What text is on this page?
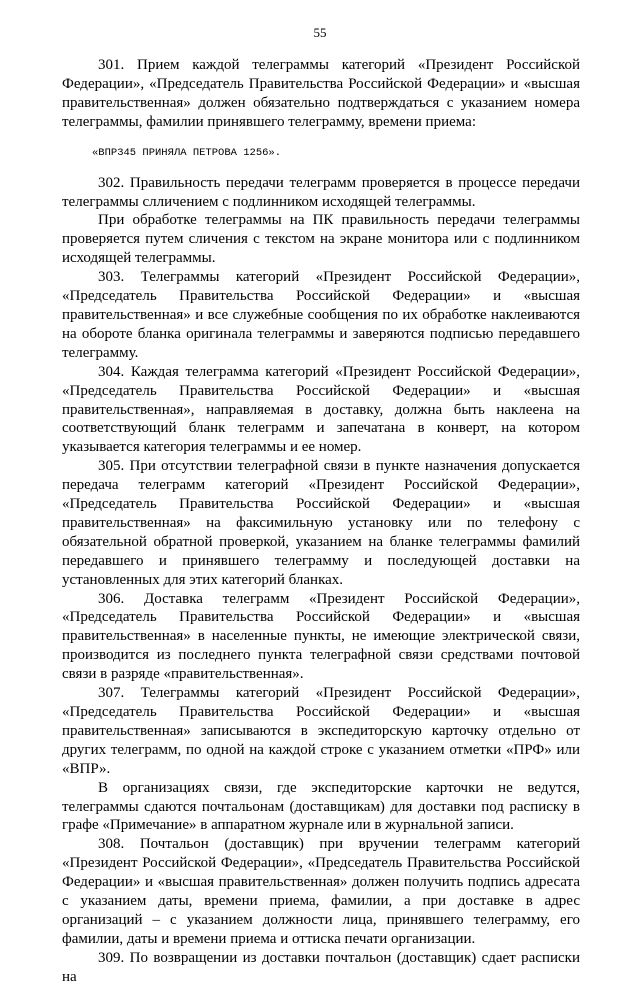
55

301. Прием каждой телеграммы категорий «Президент Российской Федерации», «Председатель Правительства Российской Федерации» и «высшая правительственная» должен обязательно подтверждаться с указанием номера телеграммы, фамилии принявшего телеграмму, времени приема:

«ВПР345 ПРИНЯЛА ПЕТРОВА 1256».

302. Правильность передачи телеграмм проверяется в процессе передачи телеграммы слличением с подлинником исходящей телеграммы.

При обработке телеграммы на ПК правильность передачи телеграммы проверяется путем сличения с текстом на экране монитора или с подлинником исходящей телеграммы.

303. Телеграммы категорий «Президент Российской Федерации», «Председатель Правительства Российской Федерации» и «высшая правительственная» и все служебные сообщения по их обработке наклеиваются на обороте бланка оригинала телеграммы и заверяются подписью передавшего телеграмму.

304. Каждая телеграмма категорий «Президент Российской Федерации», «Председатель Правительства Российской Федерации» и «высшая правительственная», направляемая в доставку, должна быть наклеена на соответствующий бланк телеграмм и запечатана в конверт, на котором указывается категория телеграммы и ее номер.

305. При отсутствии телеграфной связи в пункте назначения допускается передача телеграмм категорий «Президент Российской Федерации», «Председатель Правительства Российской Федерации» и «высшая правительственная» на факсимильную установку или по телефону с обязательной обратной проверкой, указанием на бланке телеграммы фамилий передавшего и принявшего телеграмму и последующей доставки на установленных для этих категорий бланках.

306. Доставка телеграмм «Президент Российской Федерации», «Председатель Правительства Российской Федерации» и «высшая правительственная» в населенные пункты, не имеющие электрической связи, производится из последнего пункта телеграфной связи средствами почтовой связи в разряде «правительственная».

307. Телеграммы категорий «Президент Российской Федерации», «Председатель Правительства Российской Федерации» и «высшая правительственная» записываются в экспедиторскую карточку отдельно от других телеграмм, по одной на каждой строке с указанием отметки «ПРФ» или «ВПР».

В организациях связи, где экспедиторские карточки не ведутся, телеграммы сдаются почтальонам (доставщикам) для доставки под расписку в графе «Примечание» в аппаратном журнале или в журнальной записи.

308. Почтальон (доставщик) при вручении телеграмм категорий «Президент Российской Федерации», «Председатель Правительства Российской Федерации» и «высшая правительственная» должен получить подпись адресата с указанием даты, времени приема, фамилии, а при доставке в адрес организаций – с указанием должности лица, принявшего телеграмму, его фамилии, даты и времени приема и оттиска печати организации.

309. По возвращении из доставки почтальон (доставщик) сдает расписки на
